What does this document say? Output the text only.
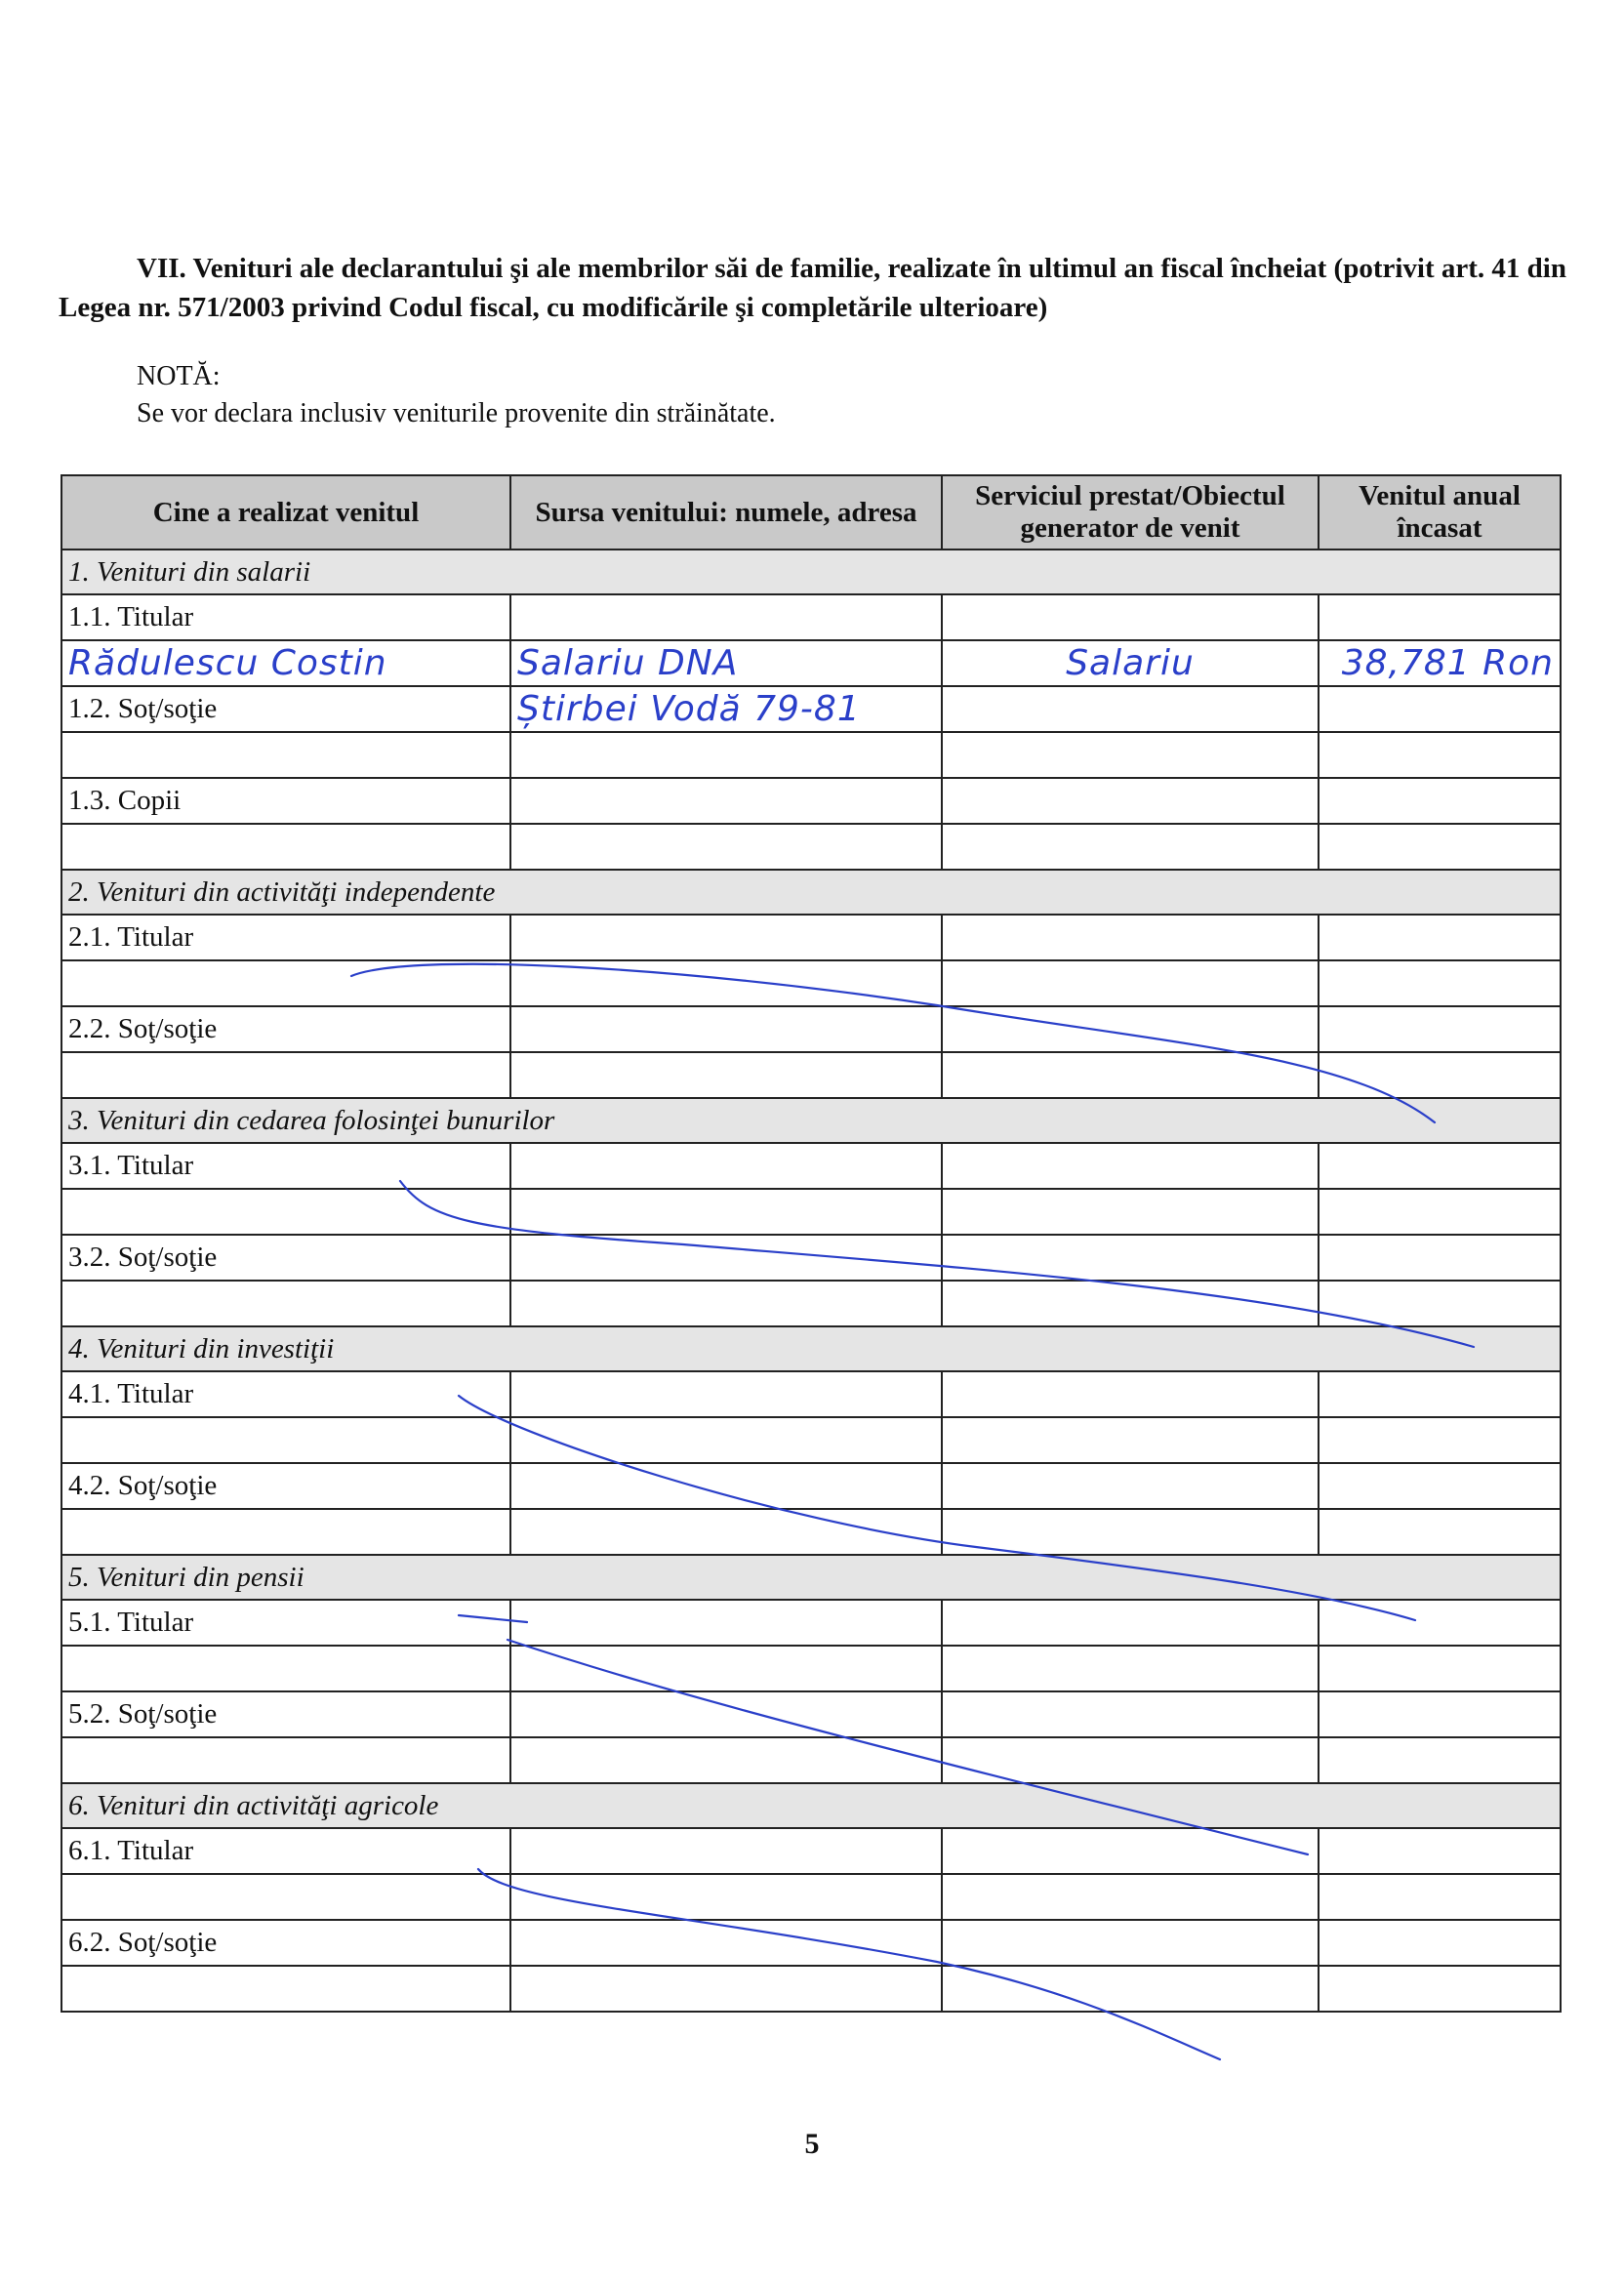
VII. Venituri ale declarantului şi ale membrilor săi de familie, realizate în ultimul an fiscal încheiat (potrivit art. 41 din Legea nr. 571/2003 privind Codul fiscal, cu modificările şi completările ulterioare)
NOTĂ:
Se vor declara inclusiv veniturile provenite din străinătate.
Cine a realizat venitul	Sursa venitului: numele, adresa	Serviciul prestat/Obiectul generator de venit	Venitul anual încasat
1. Venituri din salarii			
1.1. Titular			
Rădulescu Costin	Salariu DNA	Salariu	38,781 Ron
1.2. Soţ/soţie	Știrbei Vodă 79-81		

1.3. Copii			

2. Venituri din activităţi independente			
2.1. Titular			

2.2. Soţ/soţie			

3. Venituri din cedarea folosinţei bunurilor			
3.1. Titular			

3.2. Soţ/soţie			

4. Venituri din investiţii			
4.1. Titular			

4.2. Soţ/soţie			

5. Venituri din pensii			
5.1. Titular			

5.2. Soţ/soţie			

6. Venituri din activităţi agricole			
6.1. Titular			

6.2. Soţ/soţie			

5
